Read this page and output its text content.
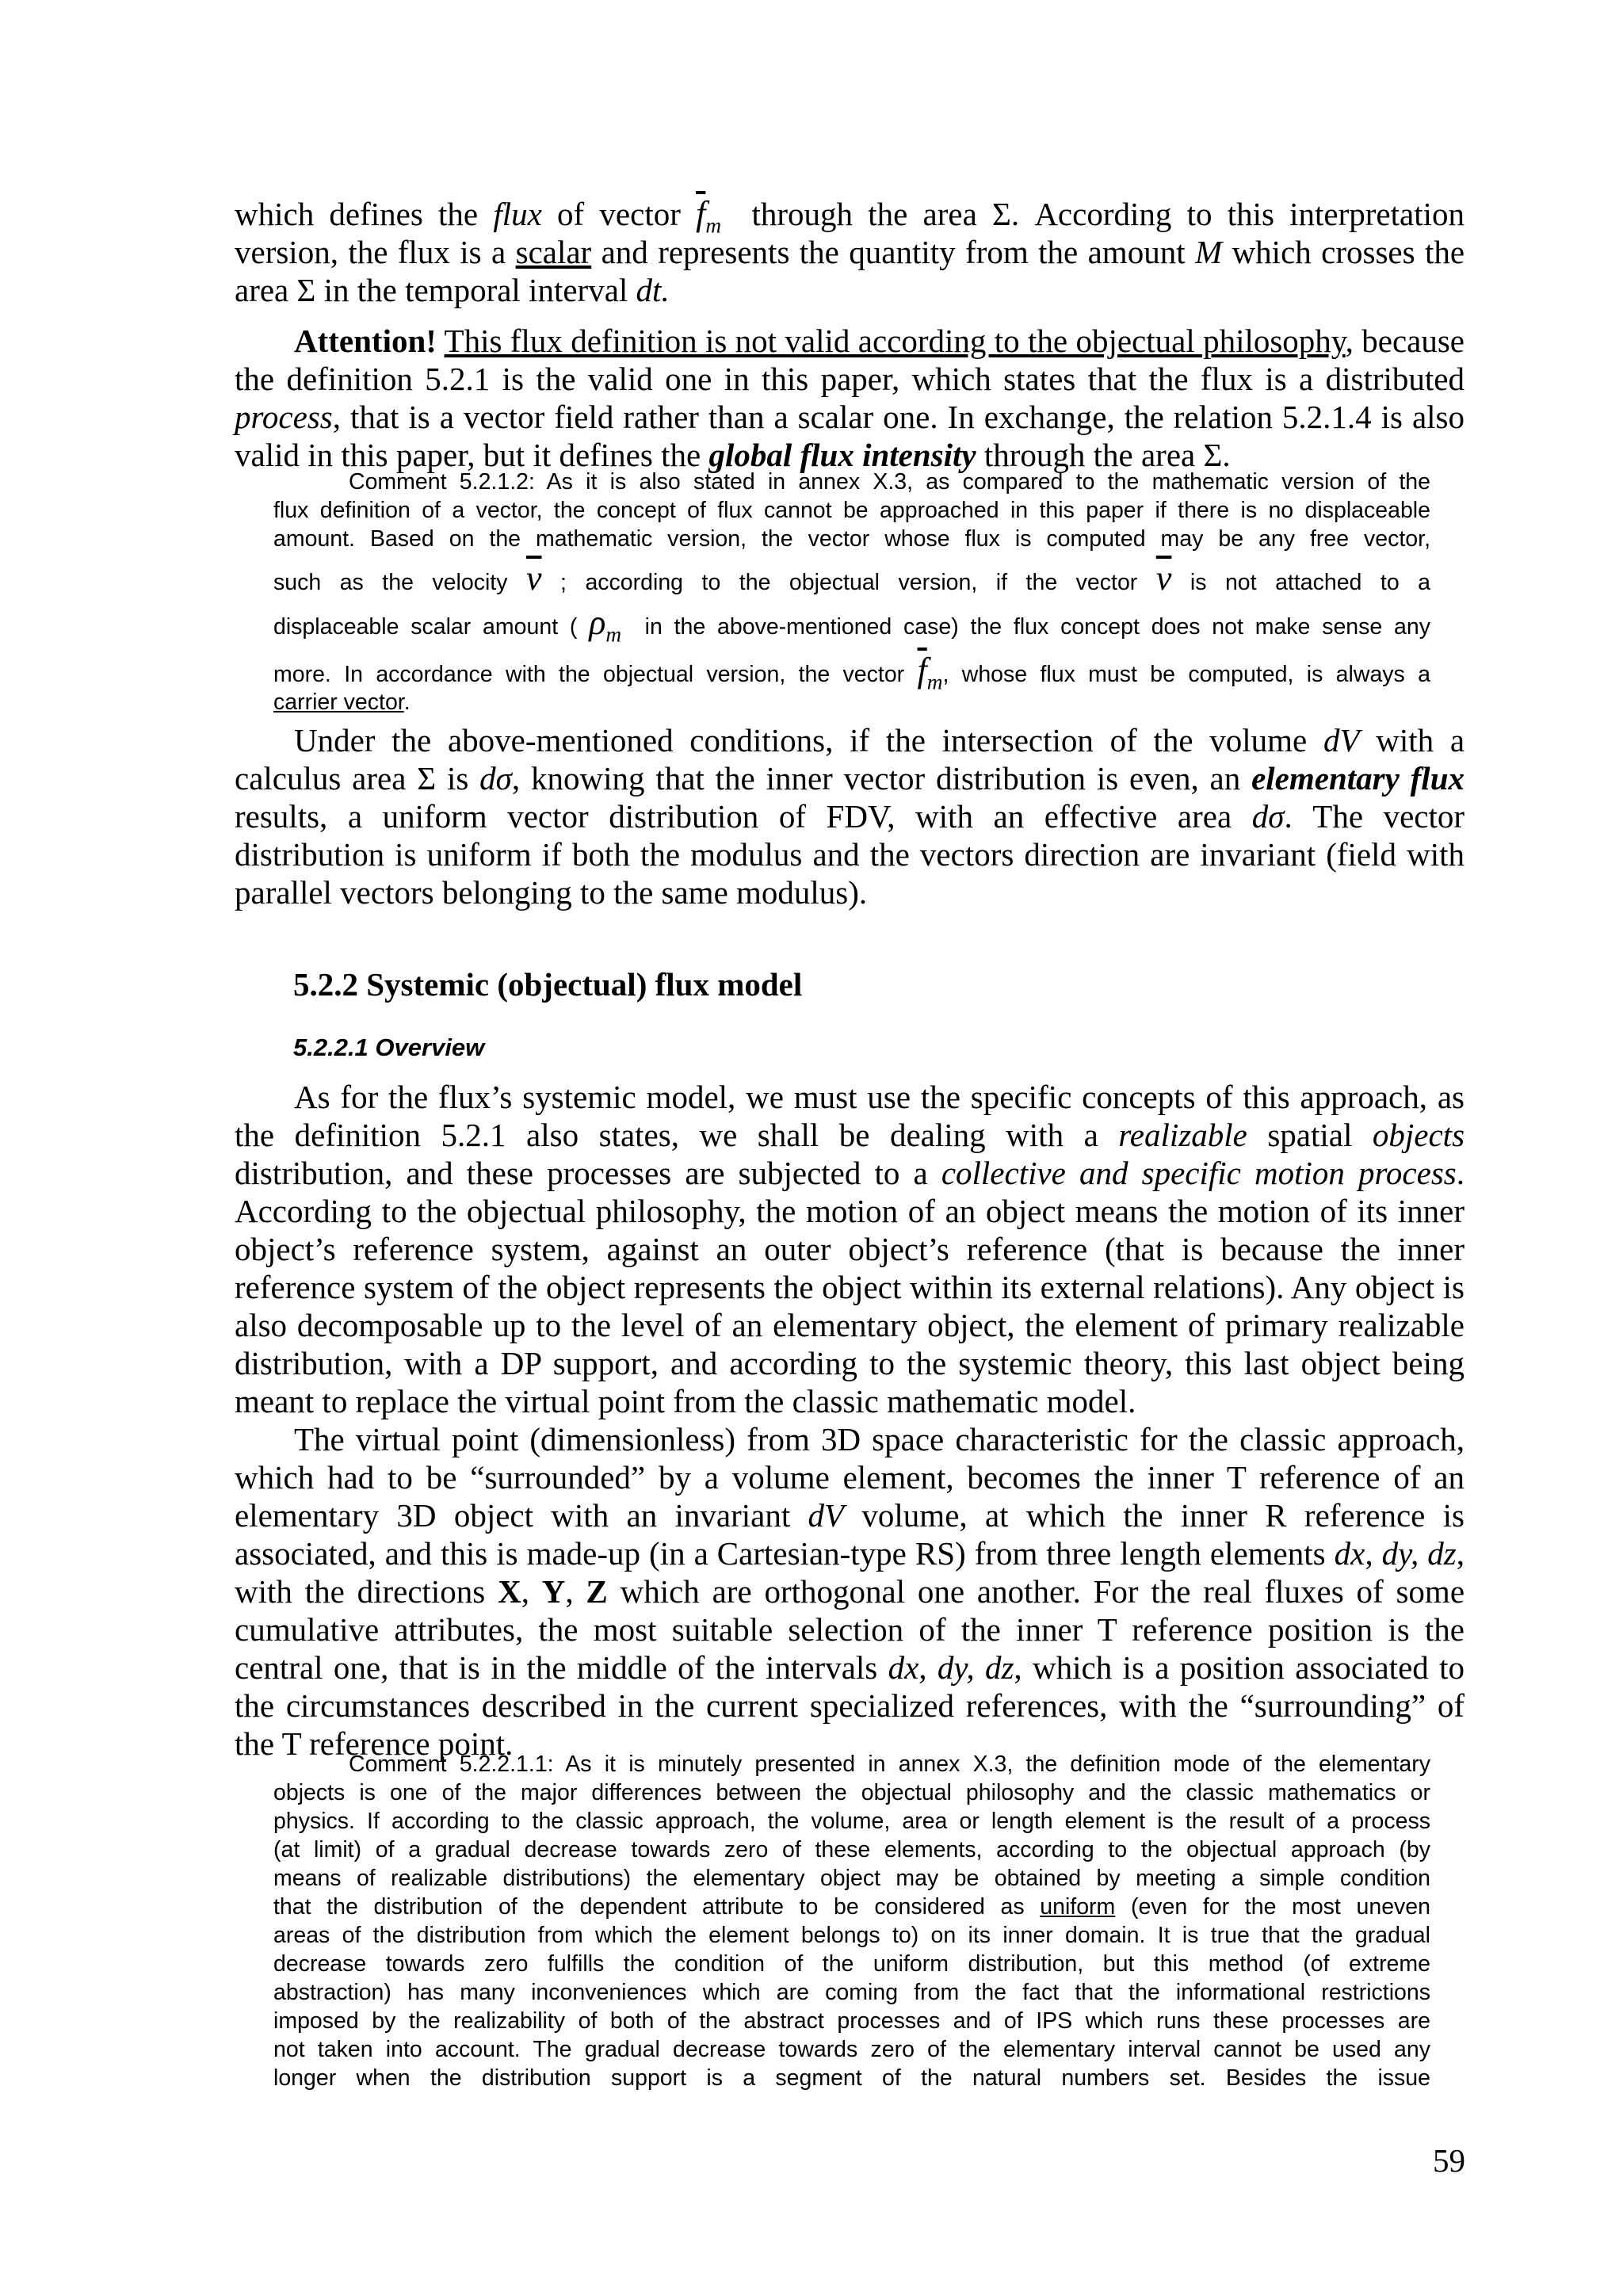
which defines the flux of vector $\overline{f}_m$ through the area Σ. According to this interpretation version, the flux is a scalar and represents the quantity from the amount M which crosses the area Σ in the temporal interval dt.

Attention! This flux definition is not valid according to the objectual philosophy, because the definition 5.2.1 is the valid one in this paper, which states that the flux is a distributed process, that is a vector field rather than a scalar one. In exchange, the relation 5.2.1.4 is also valid in this paper, but it defines the global flux intensity through the area Σ.

Comment 5.2.1.2: As it is also stated in annex X.3, as compared to the mathematic version of the
flux definition of a vector, the concept of flux cannot be approached in this paper if there is no displaceable
amount. Based on the mathematic version, the vector whose flux is computed may be any free vector,
such as the velocity $\overline{v}$ ; according to the objectual version, if the vector $\overline{v}$ is not attached to a
displaceable scalar amount ( $\rho_m$ in the above-mentioned case) the flux concept does not make sense any
more. In accordance with the objectual version, the vector $\overline{f}_m$, whose flux must be computed, is always a
carrier vector.

Under the above-mentioned conditions, if the intersection of the volume dV with a calculus area Σ is dσ, knowing that the inner vector distribution is even, an elementary flux results, a uniform vector distribution of FDV, with an effective area dσ. The vector distribution is uniform if both the modulus and the vectors direction are invariant (field with parallel vectors belonging to the same modulus).

5.2.2 Systemic (objectual) flux model
5.2.2.1 Overview

As for the flux’s systemic model, we must use the specific concepts of this approach, as the definition 5.2.1 also states, we shall be dealing with a realizable spatial objects distribution, and these processes are subjected to a collective and specific motion process. According to the objectual philosophy, the motion of an object means the motion of its inner object’s reference system, against an outer object’s reference (that is because the inner reference system of the object represents the object within its external relations). Any object is also decomposable up to the level of an elementary object, the element of primary realizable distribution, with a DP support, and according to the systemic theory, this last object being meant to replace the virtual point from the classic mathematic model.

The virtual point (dimensionless) from 3D space characteristic for the classic approach, which had to be “surrounded” by a volume element, becomes the inner T reference of an elementary 3D object with an invariant dV volume, at which the inner R reference is associated, and this is made-up (in a Cartesian-type RS) from three length elements dx, dy, dz, with the directions X, Y, Z which are orthogonal one another. For the real fluxes of some cumulative attributes, the most suitable selection of the inner T reference position is the central one, that is in the middle of the intervals dx, dy, dz, which is a position associated to the circumstances described in the current specialized references, with the “surrounding” of the T reference point.

Comment 5.2.2.1.1: As it is minutely presented in annex X.3, the definition mode of the elementary
objects is one of the major differences between the objectual philosophy and the classic mathematics or
physics. If according to the classic approach, the volume, area or length element is the result of a process
(at limit) of a gradual decrease towards zero of these elements, according to the objectual approach (by
means of realizable distributions) the elementary object may be obtained by meeting a simple condition
that the distribution of the dependent attribute to be considered as uniform (even for the most uneven
areas of the distribution from which the element belongs to) on its inner domain. It is true that the gradual
decrease towards zero fulfills the condition of the uniform distribution, but this method (of extreme
abstraction) has many inconveniences which are coming from the fact that the informational restrictions
imposed by the realizability of both of the abstract processes and of IPS which runs these processes are
not taken into account. The gradual decrease towards zero of the elementary interval cannot be used any
longer when the distribution support is a segment of the natural numbers set. Besides the issue
59
